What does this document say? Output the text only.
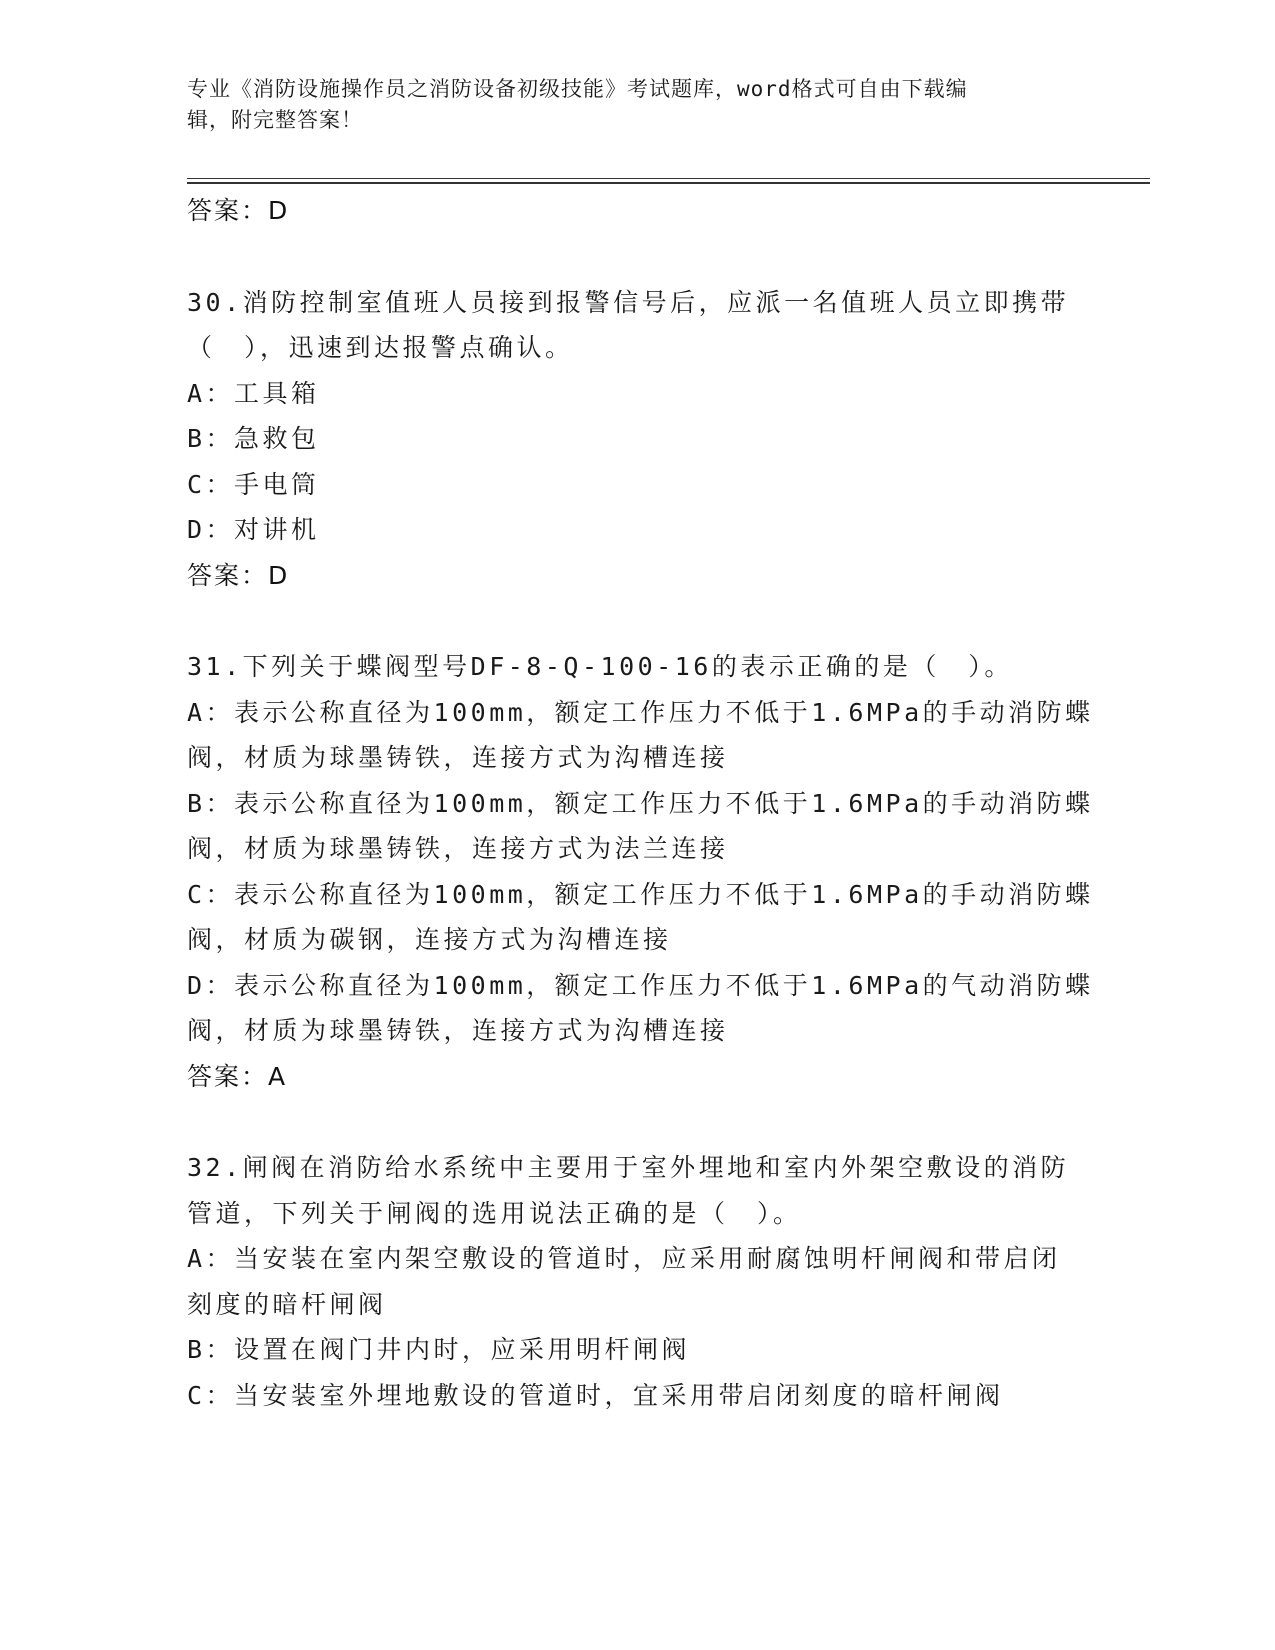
专业《消防设施操作员之消防设备初级技能》考试题库，word格式可自由下载编
辑，附完整答案！
答案：D
30.消防控制室值班人员接到报警信号后，应派一名值班人员立即携带
（　），迅速到达报警点确认。
A：工具箱
B：急救包
C：手电筒
D：对讲机
答案：D
31.下列关于蝶阀型号DF-8-Q-100-16的表示正确的是（　）。
A：表示公称直径为100mm，额定工作压力不低于1.6MPa的手动消防蝶
阀，材质为球墨铸铁，连接方式为沟槽连接
B：表示公称直径为100mm，额定工作压力不低于1.6MPa的手动消防蝶
阀，材质为球墨铸铁，连接方式为法兰连接
C：表示公称直径为100mm，额定工作压力不低于1.6MPa的手动消防蝶
阀，材质为碳钢，连接方式为沟槽连接
D：表示公称直径为100mm，额定工作压力不低于1.6MPa的气动消防蝶
阀，材质为球墨铸铁，连接方式为沟槽连接
答案：A
32.闸阀在消防给水系统中主要用于室外埋地和室内外架空敷设的消防
管道，下列关于闸阀的选用说法正确的是（　）。
A：当安装在室内架空敷设的管道时，应采用耐腐蚀明杆闸阀和带启闭
刻度的暗杆闸阀
B：设置在阀门井内时，应采用明杆闸阀
C：当安装室外埋地敷设的管道时，宜采用带启闭刻度的暗杆闸阀
